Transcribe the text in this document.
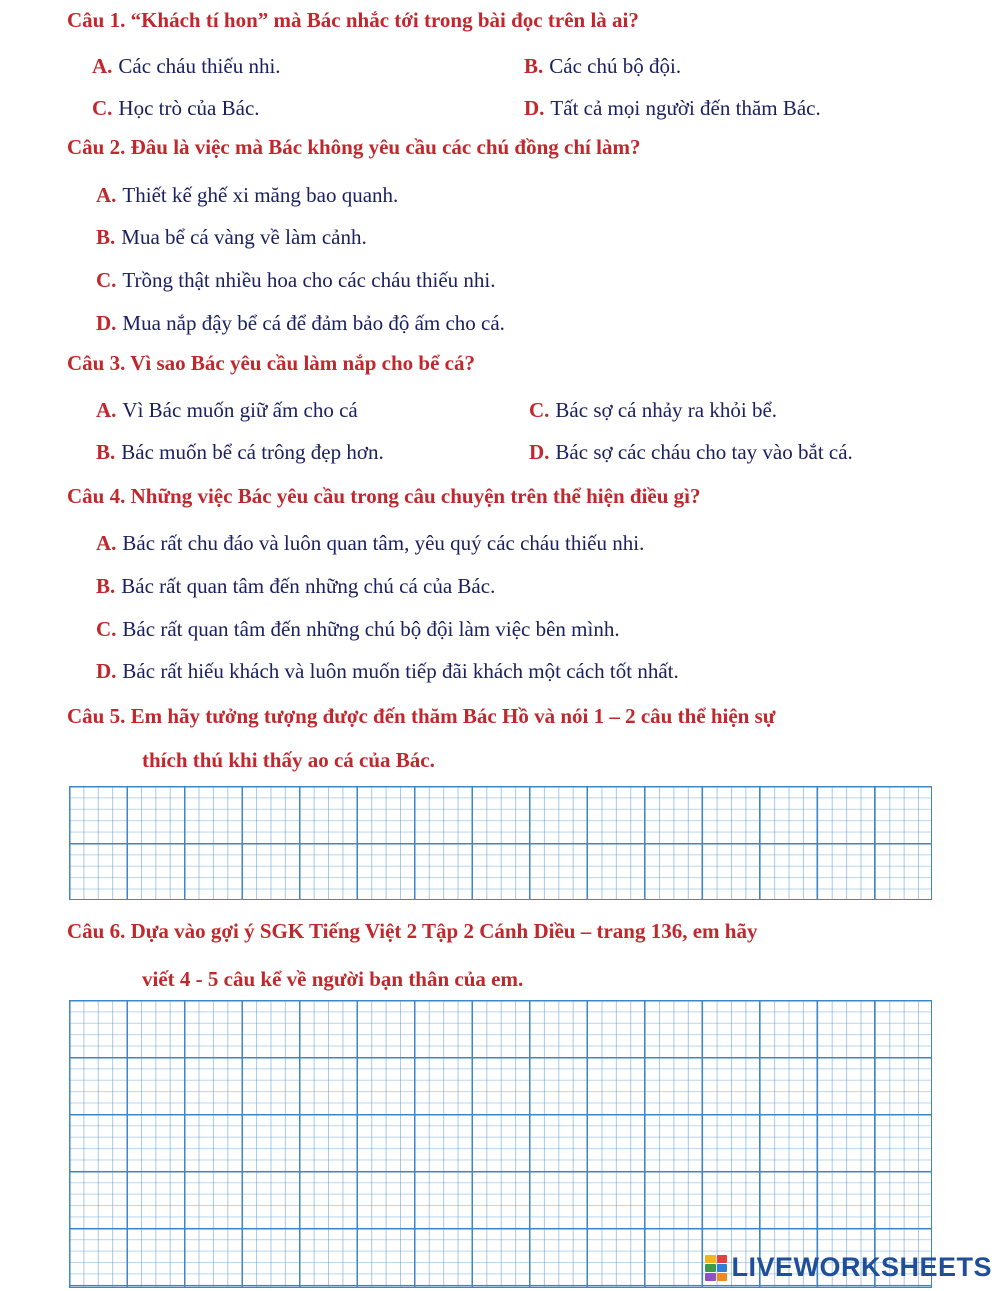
Câu 1. “Khách tí hon” mà Bác nhắc tới trong bài đọc trên là ai?

A. Các cháu thiếu nhi.	B. Các chú bộ đội.

C. Học trò của Bác.	D. Tất cả mọi người đến thăm Bác.

Câu 2. Đâu là việc mà Bác không yêu cầu các chú đồng chí làm?

A. Thiết kế ghế xi măng bao quanh.

B. Mua bể cá vàng về làm cảnh.

C. Trồng thật nhiều hoa cho các cháu thiếu nhi.

D. Mua nắp đậy bể cá để đảm bảo độ ấm cho cá.

Câu 3. Vì sao Bác yêu cầu làm nắp cho bể cá?

A. Vì Bác muốn giữ ấm cho cá	C. Bác sợ cá nhảy ra khỏi bể.

B. Bác muốn bể cá trông đẹp hơn.	D. Bác sợ các cháu cho tay vào bắt cá.

Câu 4. Những việc Bác yêu cầu trong câu chuyện trên thể hiện điều gì?

A. Bác rất chu đáo và luôn quan tâm, yêu quý các cháu thiếu nhi.

B. Bác rất quan tâm đến những chú cá của Bác.

C. Bác rất quan tâm đến những chú bộ đội làm việc bên mình.

D. Bác rất hiếu khách và luôn muốn tiếp đãi khách một cách tốt nhất.

Câu 5. Em hãy tưởng tượng được đến thăm Bác Hồ và nói 1 – 2 câu thể hiện sự

thích thú khi thấy ao cá của Bác.

Câu 6. Dựa vào gợi ý SGK Tiếng Việt 2 Tập 2 Cánh Diều – trang 136, em hãy

viết 4 - 5 câu kể về người bạn thân của em.

LIVEWORKSHEETS
